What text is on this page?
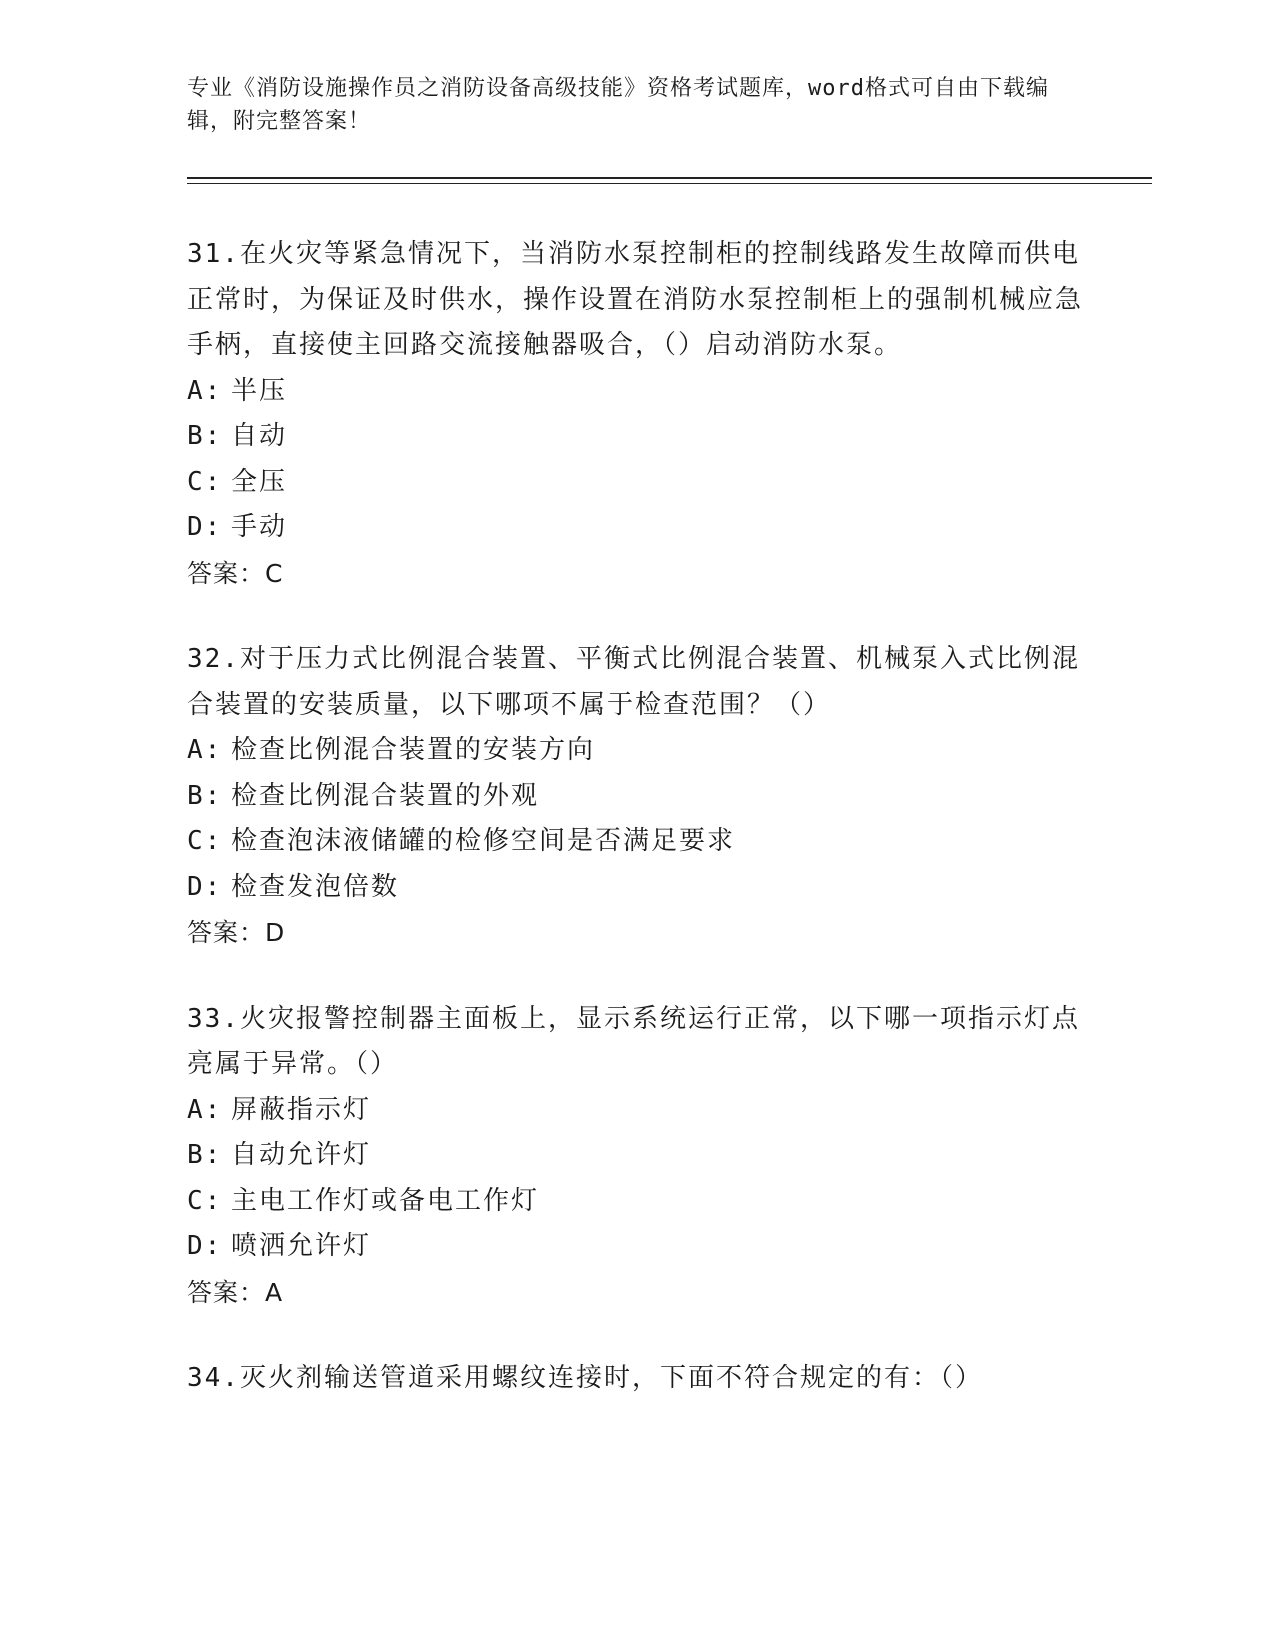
专业《消防设施操作员之消防设备高级技能》资格考试题库，word格式可自由下载编辑，附完整答案！
31.在火灾等紧急情况下，当消防水泵控制柜的控制线路发生故障而供电正常时，为保证及时供水，操作设置在消防水泵控制柜上的强制机械应急手柄，直接使主回路交流接触器吸合，（）启动消防水泵。
A: 半压
B: 自动
C: 全压
D: 手动
答案：C
32.对于压力式比例混合装置、平衡式比例混合装置、机械泵入式比例混合装置的安装质量，以下哪项不属于检查范围？（）
A: 检查比例混合装置的安装方向
B: 检查比例混合装置的外观
C: 检查泡沫液储罐的检修空间是否满足要求
D: 检查发泡倍数
答案：D
33.火灾报警控制器主面板上，显示系统运行正常，以下哪一项指示灯点亮属于异常。（）
A: 屏蔽指示灯
B: 自动允许灯
C: 主电工作灯或备电工作灯
D: 喷洒允许灯
答案：A
34.灭火剂输送管道采用螺纹连接时，下面不符合规定的有：（）
